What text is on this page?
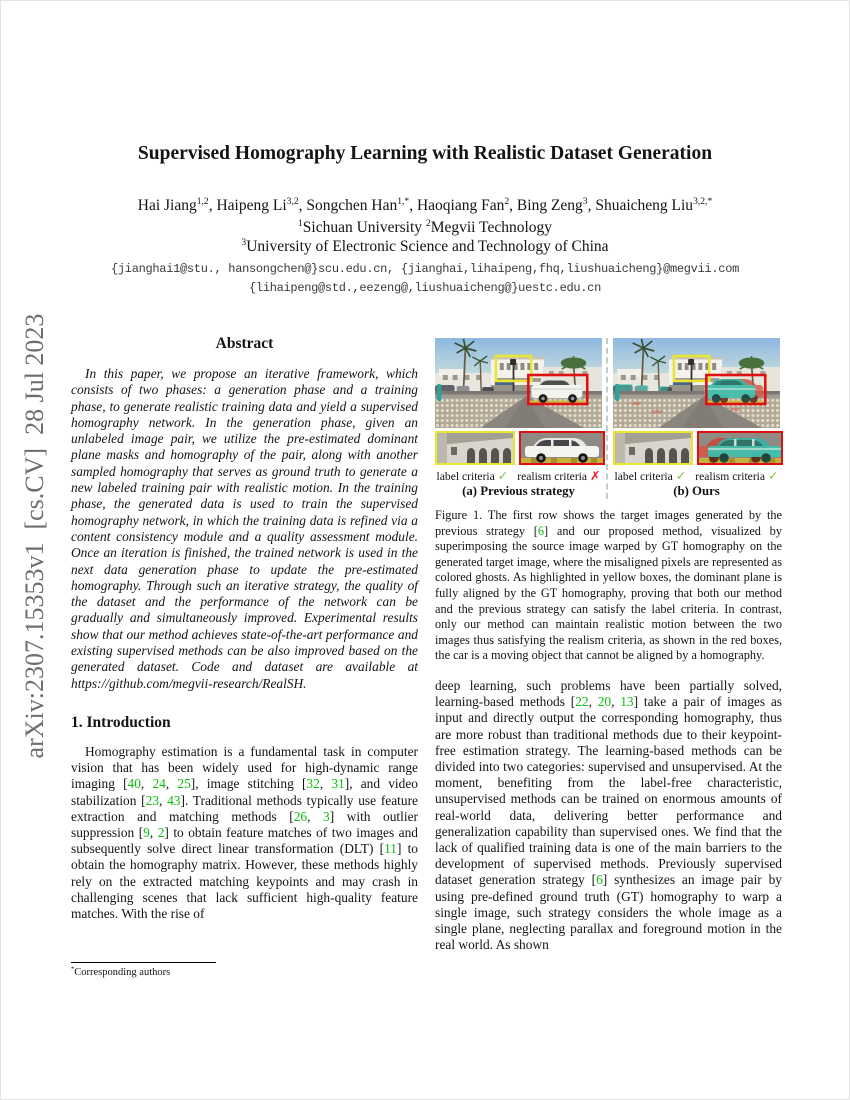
arXiv:2307.15353v1  [cs.CV]  28 Jul 2023
Supervised Homography Learning with Realistic Dataset Generation
Hai Jiang$^{1,2}$, Haipeng Li$^{3,2}$, Songchen Han$^{1,*}$, Haoqiang Fan$^2$, Bing Zeng$^3$, Shuaicheng Liu$^{3,2,*}$
$^1$Sichuan University $^2$Megvii Technology
$^3$University of Electronic Science and Technology of China
{jianghai1@stu., hansongchen@}scu.edu.cn, {jianghai,lihaipeng,fhq,liushuaicheng}@megvii.com
{lihaipeng@std.,eezeng@,liushuaicheng@}uestc.edu.cn
Abstract
In this paper, we propose an iterative framework, which consists of two phases: a generation phase and a training phase, to generate realistic training data and yield a supervised homography network. In the generation phase, given an unlabeled image pair, we utilize the pre-estimated dominant plane masks and homography of the pair, along with another sampled homography that serves as ground truth to generate a new labeled training pair with realistic motion. In the training phase, the generated data is used to train the supervised homography network, in which the training data is refined via a content consistency module and a quality assessment module. Once an iteration is finished, the trained network is used in the next data generation phase to update the pre-estimated homography. Through such an iterative strategy, the quality of the dataset and the performance of the network can be gradually and simultaneously improved. Experimental results show that our method achieves state-of-the-art performance and existing supervised methods can be also improved based on the generated dataset. Code and dataset are available at https://github.com/megvii-research/RealSH.
1. Introduction
Homography estimation is a fundamental task in computer vision that has been widely used for high-dynamic range imaging [40, 24, 25], image stitching [32, 31], and video stabilization [23, 43]. Traditional methods typically use feature extraction and matching methods [26, 3] with outlier suppression [9, 2] to obtain feature matches of two images and subsequently solve direct linear transformation (DLT) [11] to obtain the homography matrix. However, these methods highly rely on the extracted matching keypoints and may crash in challenging scenes that lack sufficient high-quality feature matches. With the rise of
*Corresponding authors
label criteria ✓ realism criteria ✗
(a) Previous strategy
label criteria ✓ realism criteria ✓
(b) Ours
Figure 1. The first row shows the target images generated by the previous strategy [6] and our proposed method, visualized by superimposing the source image warped by GT homography on the generated target image, where the misaligned pixels are represented as colored ghosts. As highlighted in yellow boxes, the dominant plane is fully aligned by the GT homography, proving that both our method and the previous strategy can satisfy the label criteria. In contrast, only our method can maintain realistic motion between the two images thus satisfying the realism criteria, as shown in the red boxes, the car is a moving object that cannot be aligned by a homography.
deep learning, such problems have been partially solved, learning-based methods [22, 20, 13] take a pair of images as input and directly output the corresponding homography, thus are more robust than traditional methods due to their keypoint-free estimation strategy. The learning-based methods can be divided into two categories: supervised and unsupervised. At the moment, benefiting from the label-free characteristic, unsupervised methods can be trained on enormous amounts of real-world data, delivering better performance and generalization capability than supervised ones. We find that the lack of qualified training data is one of the main barriers to the development of supervised methods. Previously supervised dataset generation strategy [6] synthesizes an image pair by using pre-defined ground truth (GT) homography to warp a single image, such strategy considers the whole image as a single plane, neglecting parallax and foreground motion in the real world. As shown
